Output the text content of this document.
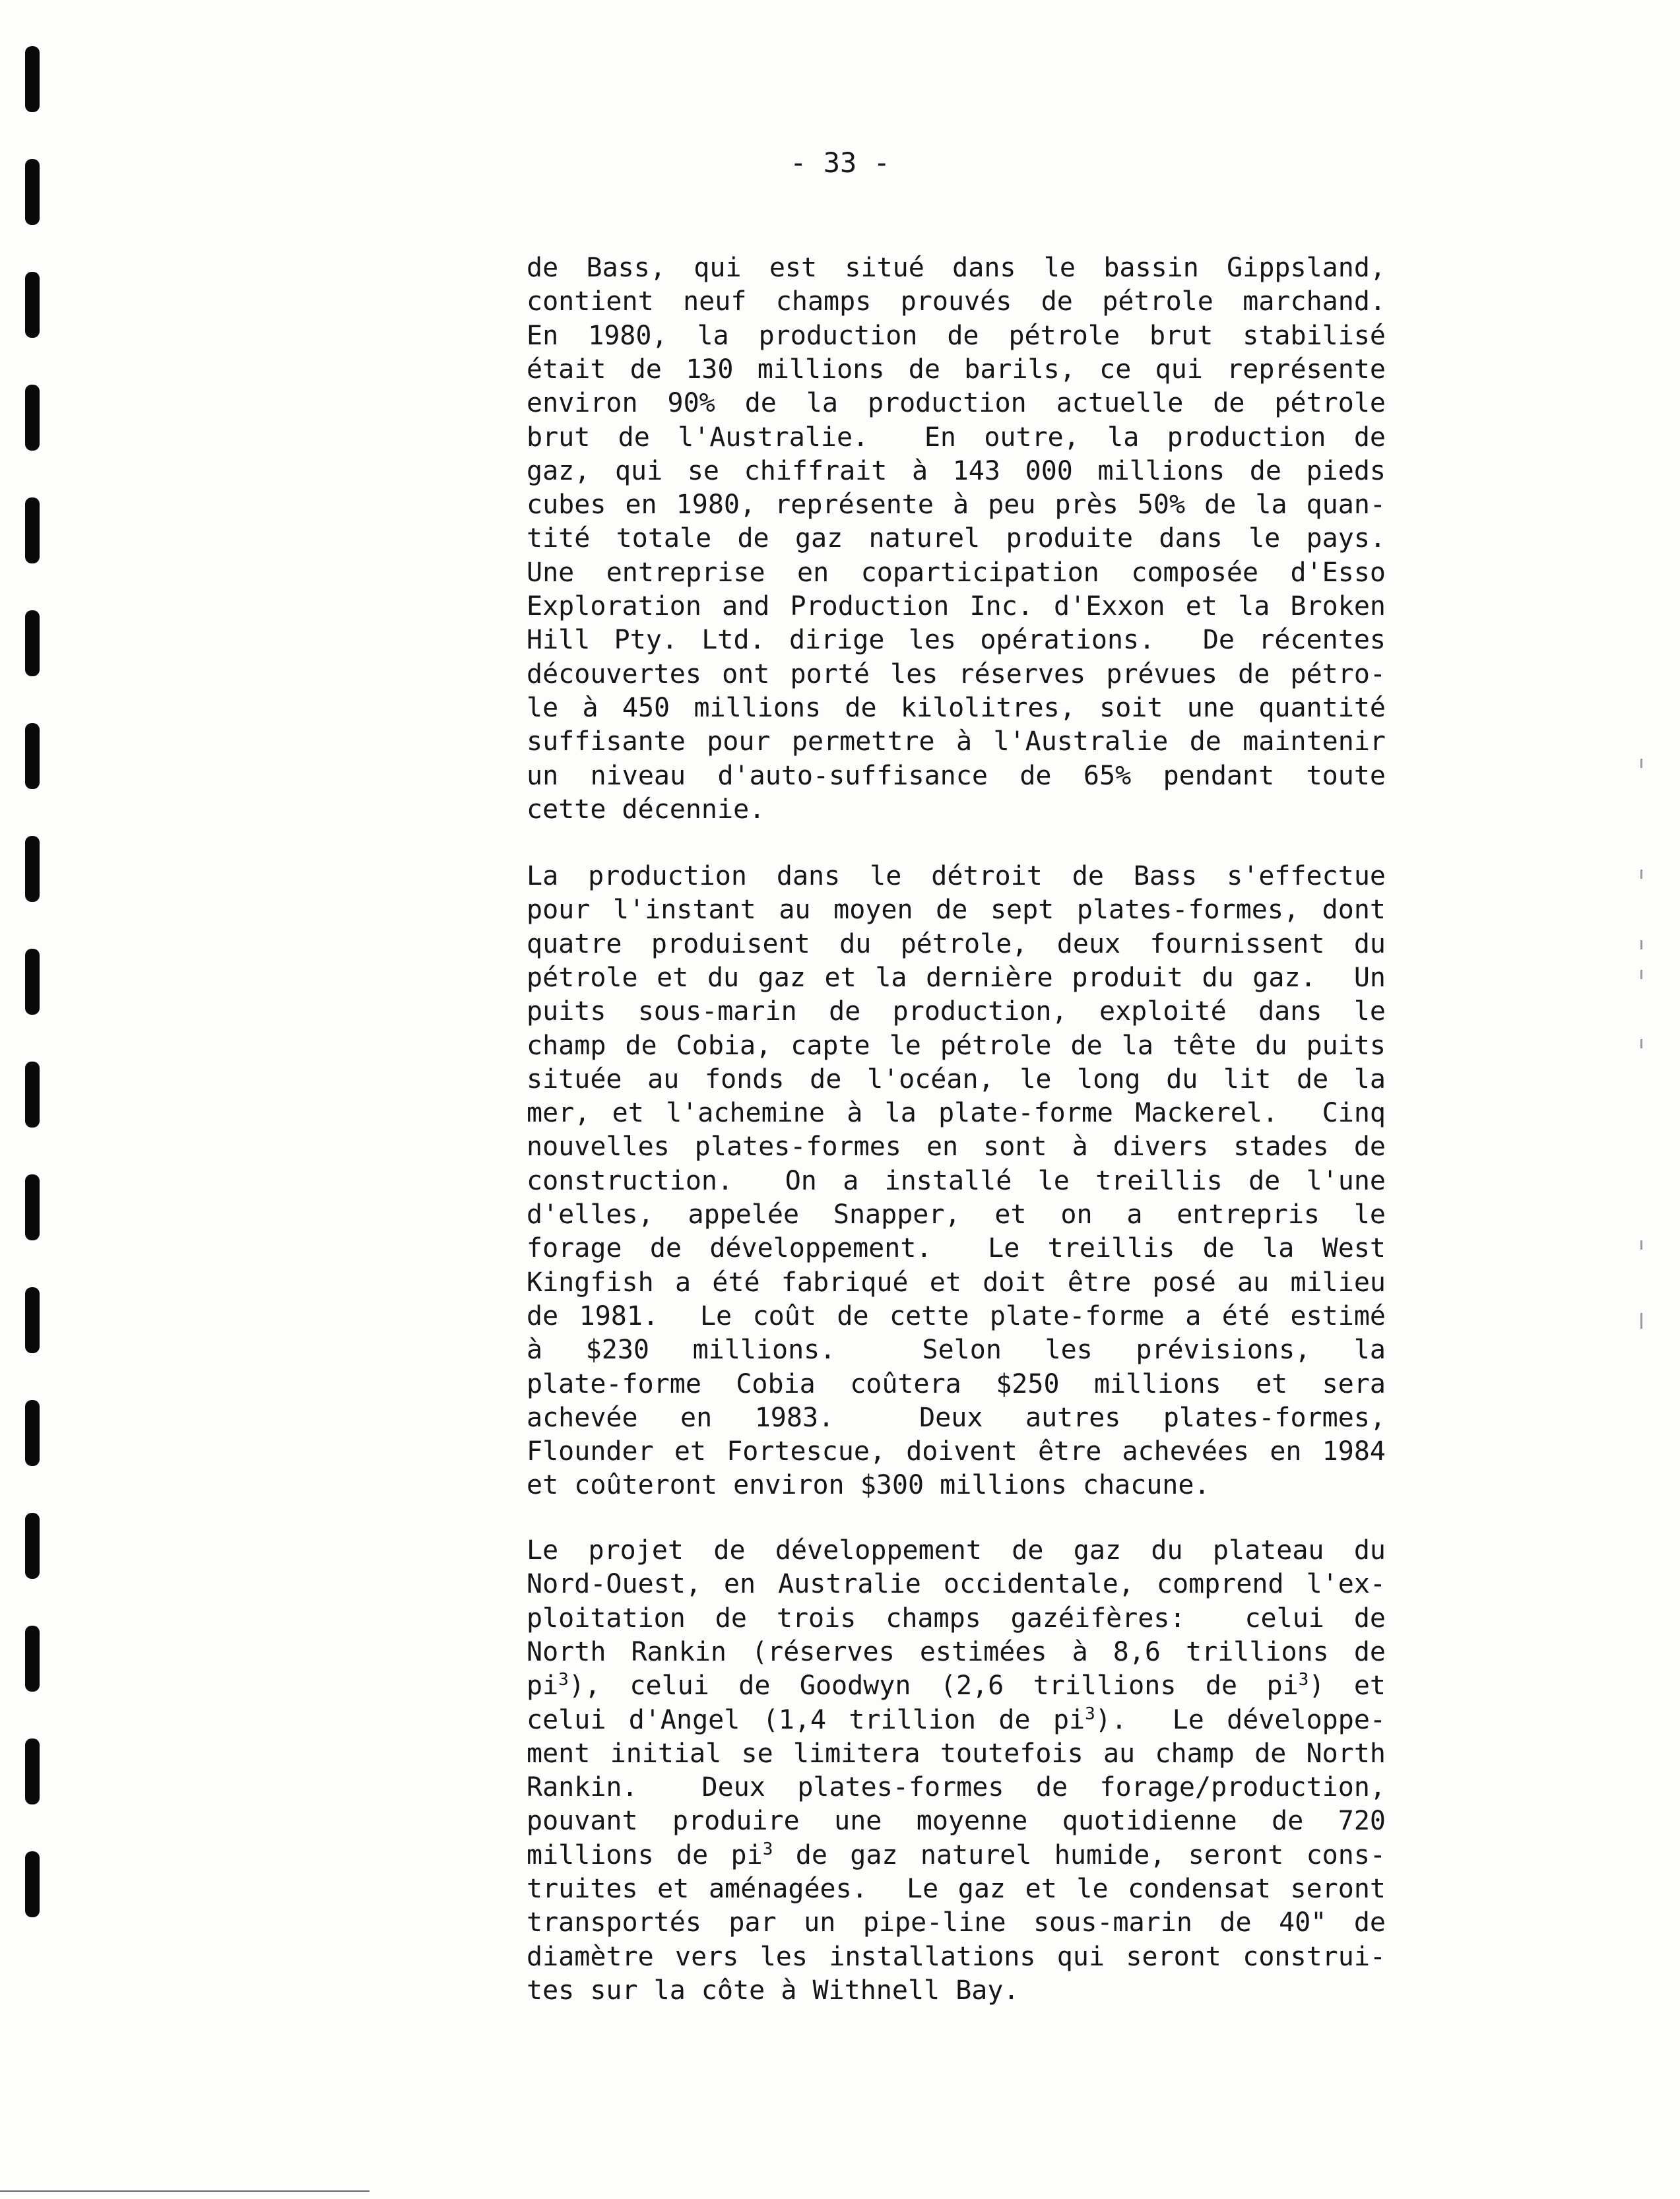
- 33 -
de Bass, qui est situé dans le bassin Gippsland,
contient neuf champs prouvés de pétrole marchand.
En 1980, la production de pétrole brut stabilisé
était de 130 millions de barils, ce qui représente
environ 90% de la production actuelle de pétrole
brut de l'Australie.  En outre, la production de
gaz, qui se chiffrait à 143 000 millions de pieds
cubes en 1980, représente à peu près 50% de la quan-
tité totale de gaz naturel produite dans le pays.
Une entreprise en coparticipation composée d'Esso
Exploration and Production Inc. d'Exxon et la Broken
Hill Pty. Ltd. dirige les opérations.  De récentes
découvertes ont porté les réserves prévues de pétro-
le à 450 millions de kilolitres, soit une quantité
suffisante pour permettre à l'Australie de maintenir
un niveau d'auto-suffisance de 65% pendant toute
cette décennie.
La production dans le détroit de Bass s'effectue
pour l'instant au moyen de sept plates-formes, dont
quatre produisent du pétrole, deux fournissent du
pétrole et du gaz et la dernière produit du gaz.  Un
puits sous-marin de production, exploité dans le
champ de Cobia, capte le pétrole de la tête du puits
située au fonds de l'océan, le long du lit de la
mer, et l'achemine à la plate-forme Mackerel.  Cinq
nouvelles plates-formes en sont à divers stades de
construction.  On a installé le treillis de l'une
d'elles, appelée Snapper, et on a entrepris le
forage de développement.  Le treillis de la West
Kingfish a été fabriqué et doit être posé au milieu
de 1981.  Le coût de cette plate-forme a été estimé
à $230 millions.  Selon les prévisions, la
plate-forme Cobia coûtera $250 millions et sera
achevée en 1983.  Deux autres plates-formes,
Flounder et Fortescue, doivent être achevées en 1984
et coûteront environ $300 millions chacune.
Le projet de développement de gaz du plateau du
Nord-Ouest, en Australie occidentale, comprend l'ex-
ploitation de trois champs gazéifères:  celui de
North Rankin (réserves estimées à 8,6 trillions de
$pi^3$), celui de Goodwyn (2,6 trillions de $pi^3$) et
celui d'Angel (1,4 trillion de $pi^3$).  Le développe-
ment initial se limitera toutefois au champ de North
Rankin.  Deux plates-formes de forage/production,
pouvant produire une moyenne quotidienne de 720
millions de $pi^3$ de gaz naturel humide, seront cons-
truites et aménagées.  Le gaz et le condensat seront
transportés par un pipe-line sous-marin de 40" de
diamètre vers les installations qui seront construi-
tes sur la côte à Withnell Bay.
